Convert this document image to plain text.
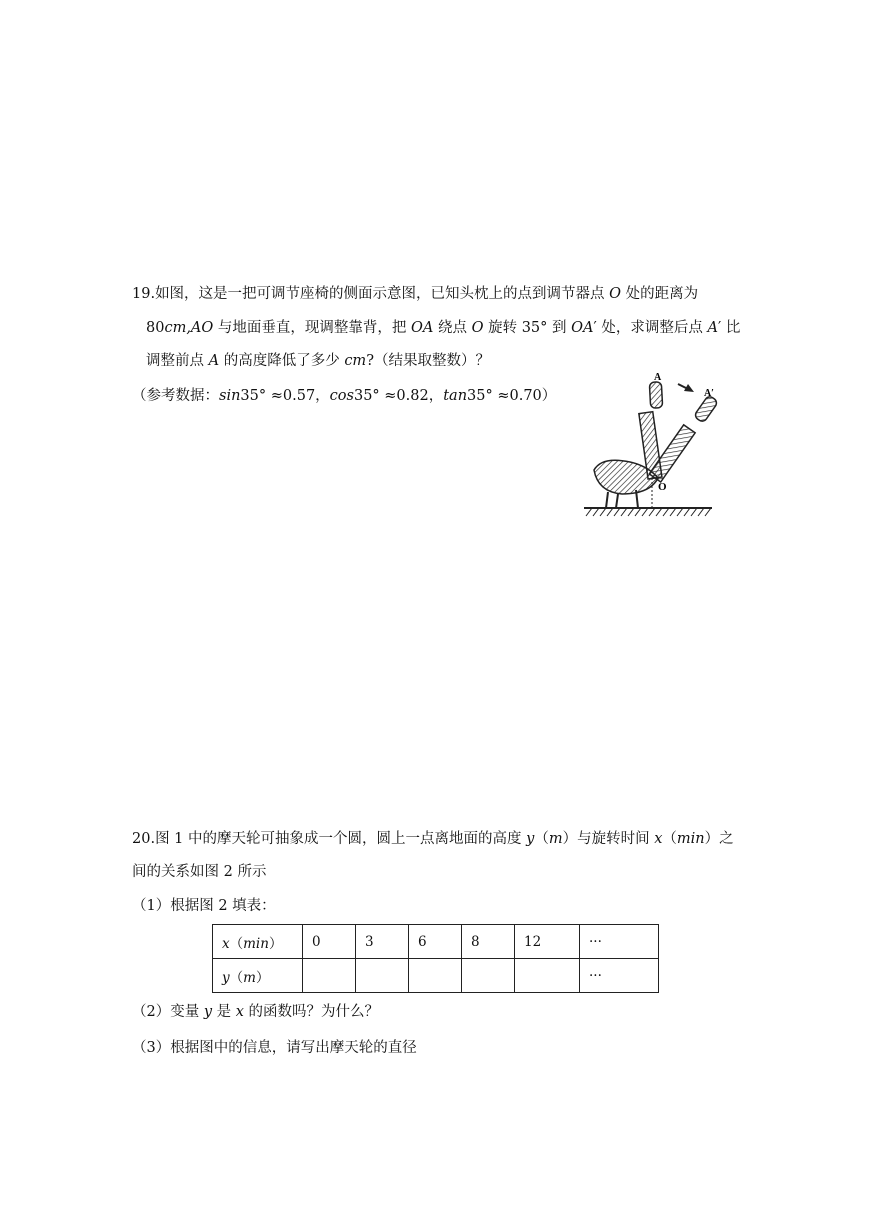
19.如图，这是一把可调节座椅的侧面示意图，已知头枕上的点到调节器点 O 处的距离为
80cm,AO 与地面垂直，现调整靠背，把 OA 绕点 O 旋转 35° 到 OA′ 处，求调整后点 A′ 比
调整前点 A 的高度降低了多少 cm?（结果取整数）？
（参考数据：sin35° ≈0.57，cos35° ≈0.82，tan35° ≈0.70）
A
A′
O
20.图 1 中的摩天轮可抽象成一个圆，圆上一点离地面的高度 y（m）与旋转时间 x（min）之
间的关系如图 2 所示
（1）根据图 2 填表：
x（min）	0	3	6	8	12	···
y（m）						···
（2）变量 y 是 x 的函数吗？为什么？
（3）根据图中的信息，请写出摩天轮的直径
